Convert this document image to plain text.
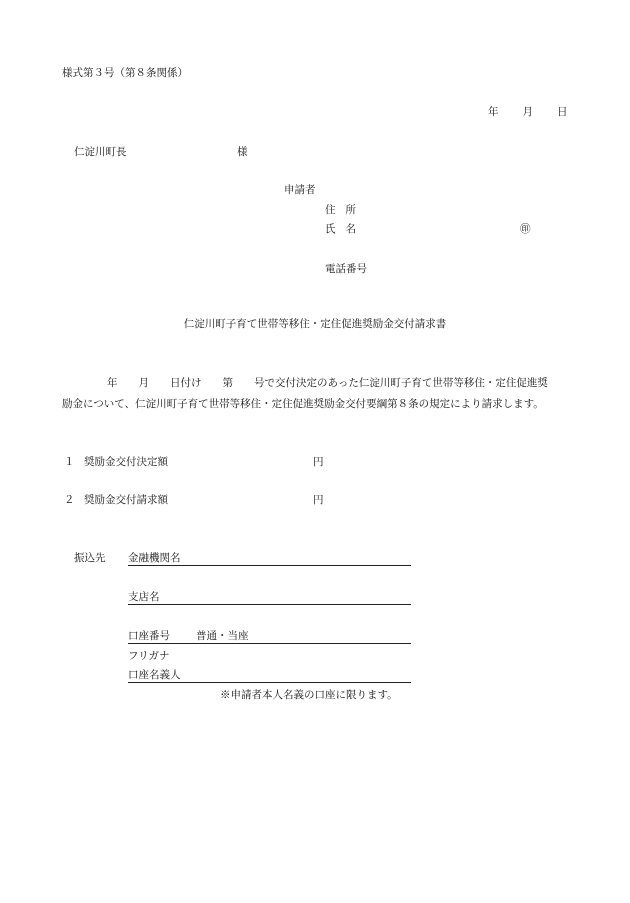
様式第３号（第８条関係）
年 月 日
仁淀川町長	様
申請者
住 所
氏 名	㊞
電話番号
仁淀川町子育て世帯等移住・定住促進奨励金交付請求書
年　　月　　日付け　　第　　号で交付決定のあった仁淀川町子育て世帯等移住・定住促進奨
励金について、仁淀川町子育て世帯等移住・定住促進奨励金交付要綱第８条の規定により請求します。
１ 奨励金交付決定額	円
２ 奨励金交付請求額	円
振込先 金融機関名
支店名
口座番号 普通・当座
フリガナ
口座名義人
※申請者本人名義の口座に限ります。
